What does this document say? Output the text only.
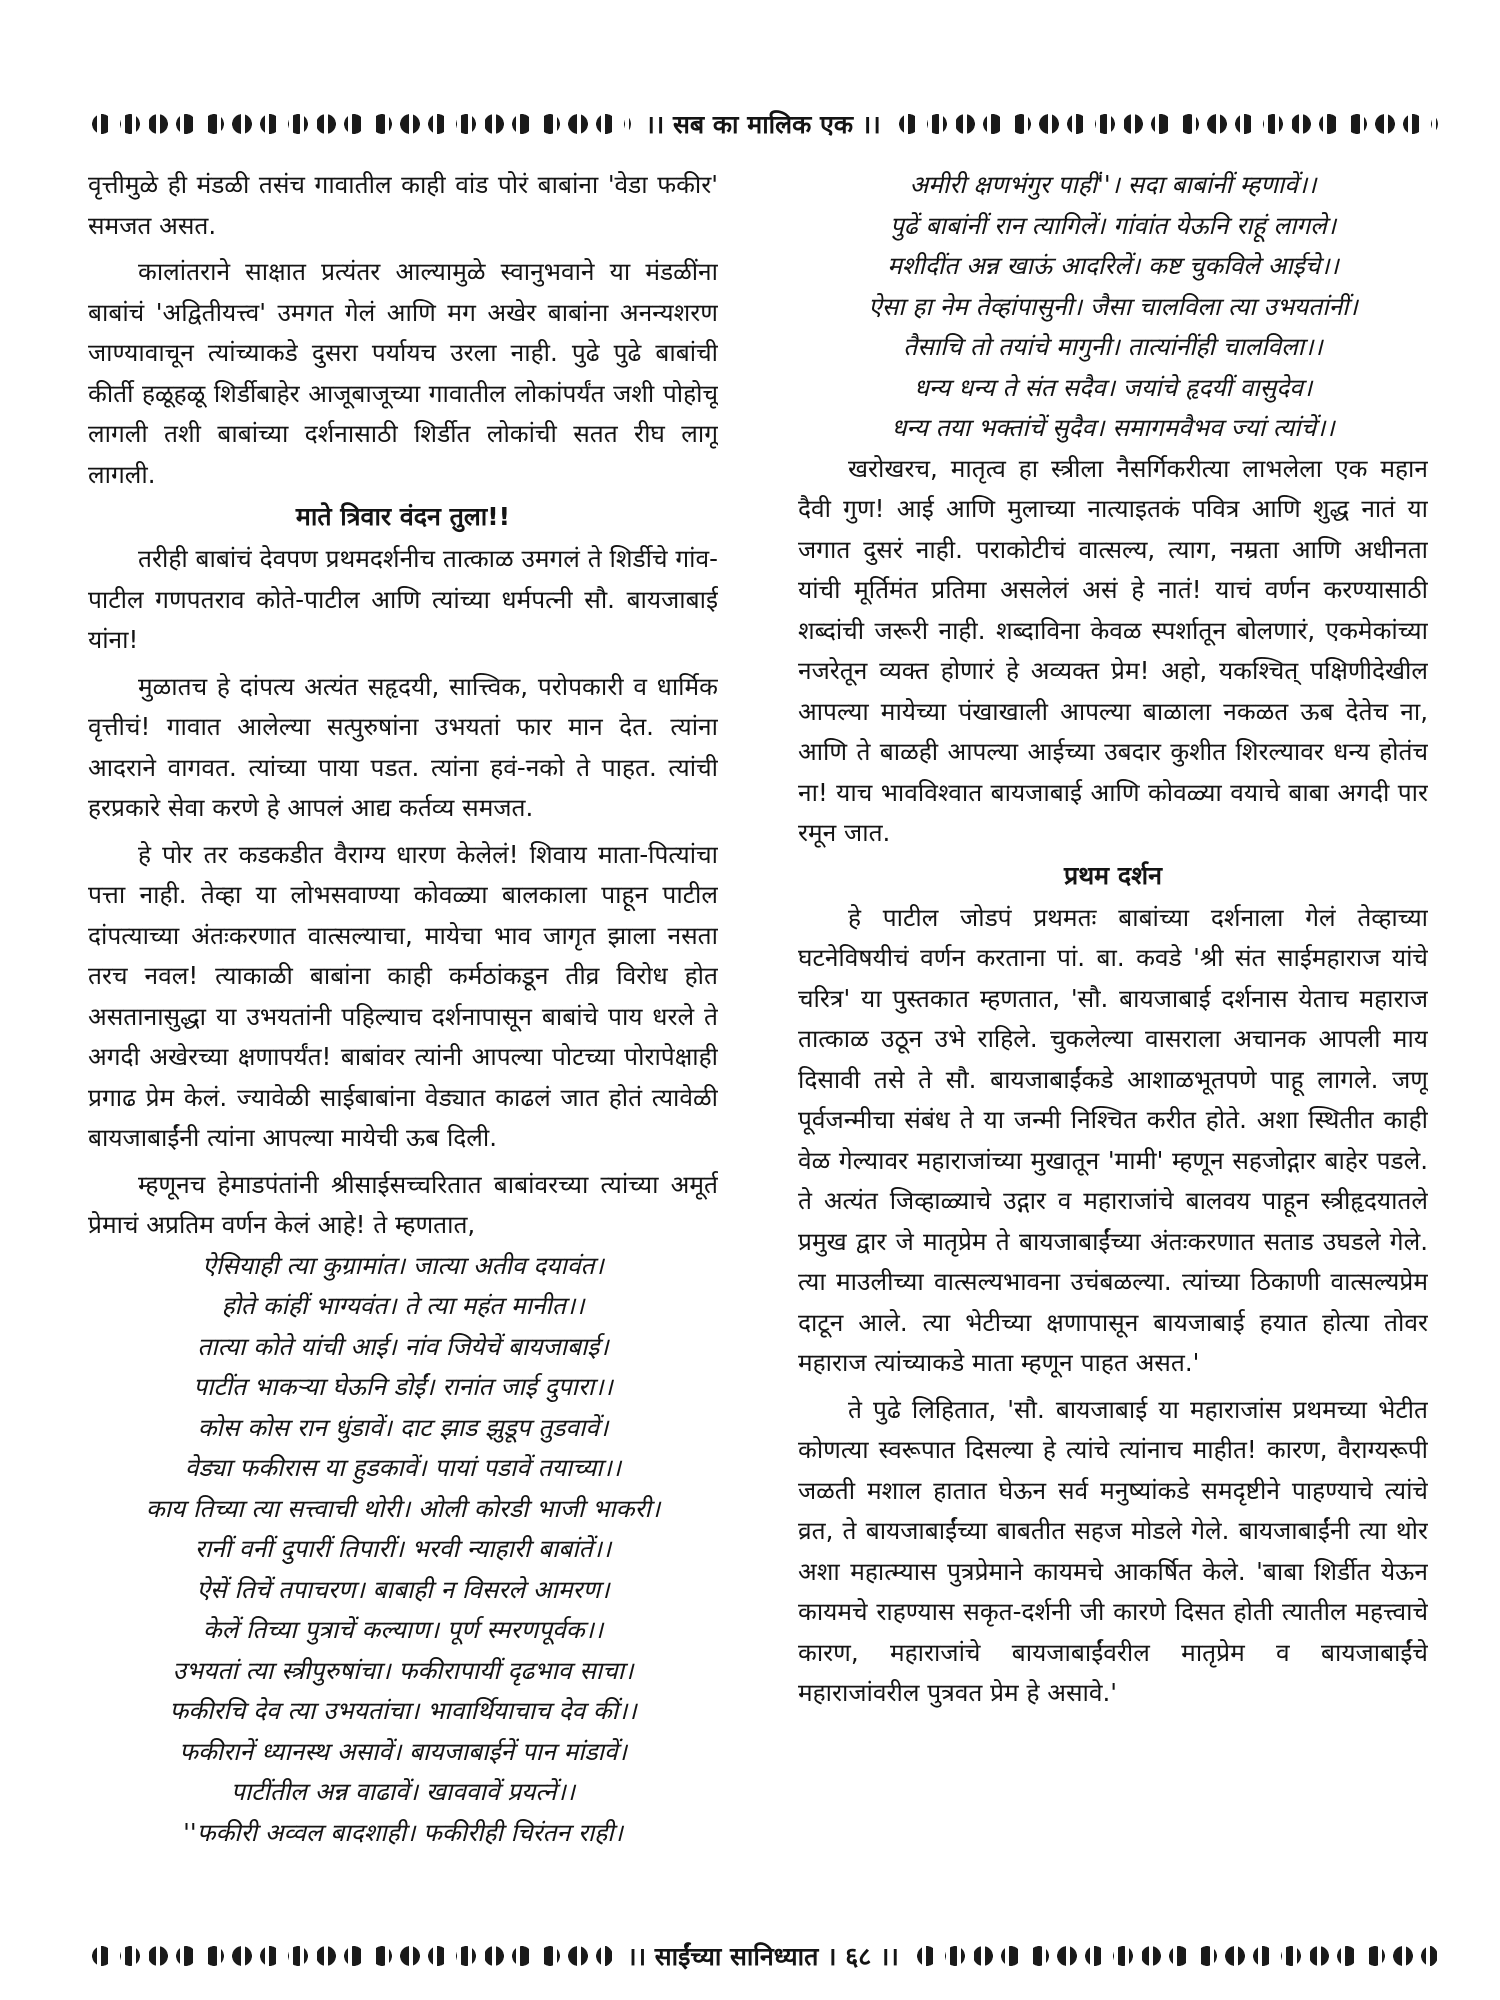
।। सब का मालिक एक ।।

वृत्तीमुळे ही मंडळी तसंच गावातील काही वांड पोरं बाबांना 'वेडा फकीर' समजत असत.

कालांतराने साक्षात प्रत्यंतर आल्यामुळे स्वानुभवाने या मंडळींना बाबांचं 'अद्वितीयत्त्व' उमगत गेलं आणि मग अखेर बाबांना अनन्यशरण जाण्यावाचून त्यांच्याकडे दुसरा पर्यायच उरला नाही. पुढे पुढे बाबांची कीर्ती हळूहळू शिर्डीबाहेर आजूबाजूच्या गावातील लोकांपर्यंत जशी पोहोचू लागली तशी बाबांच्या दर्शनासाठी शिर्डीत लोकांची सतत रीघ लागू लागली.

माते त्रिवार वंदन तुला!!

तरीही बाबांचं देवपण प्रथमदर्शनीच तात्काळ उमगलं ते शिर्डीचे गांव-पाटील गणपतराव कोते-पाटील आणि त्यांच्या धर्मपत्नी सौ. बायजाबाई यांना!

मुळातच हे दांपत्य अत्यंत सहृदयी, सात्त्विक, परोपकारी व धार्मिक वृत्तीचं! गावात आलेल्या सत्पुरुषांना उभयतां फार मान देत. त्यांना आदराने वागवत. त्यांच्या पाया पडत. त्यांना हवं-नको ते पाहत. त्यांची हरप्रकारे सेवा करणे हे आपलं आद्य कर्तव्य समजत.

हे पोर तर कडकडीत वैराग्य धारण केलेलं! शिवाय माता-पित्यांचा पत्ता नाही. तेव्हा या लोभसवाण्या कोवळ्या बालकाला पाहून पाटील दांपत्याच्या अंतःकरणात वात्सल्याचा, मायेचा भाव जागृत झाला नसता तरच नवल! त्याकाळी बाबांना काही कर्मठांकडून तीव्र विरोध होत असतानासुद्धा या उभयतांनी पहिल्याच दर्शनापासून बाबांचे पाय धरले ते अगदी अखेरच्या क्षणापर्यंत! बाबांवर त्यांनी आपल्या पोटच्या पोरापेक्षाही प्रगाढ प्रेम केलं. ज्यावेळी साईबाबांना वेड्यात काढलं जात होतं त्यावेळी बायजाबाईंनी त्यांना आपल्या मायेची ऊब दिली.

म्हणूनच हेमाडपंतांनी श्रीसाईसच्चरितात बाबांवरच्या त्यांच्या अमूर्त प्रेमाचं अप्रतिम वर्णन केलं आहे! ते म्हणतात,

ऐसियाही त्या कुग्रामांत। जात्या अतीव दयावंत।
होते कांहीं भाग्यवंत। ते त्या महंत मानीत।।
तात्या कोते यांची आई। नांव जियेचें बायजाबाई।
पाटींत भाकऱ्या घेऊनि डोईं। रानांत जाई दुपारा।।
कोस कोस रान धुंडावें। दाट झाड झुडूप तुडवावें।
वेड्या फकीरास या हुडकावें। पायां पडावें तयाच्या।।
काय तिच्या त्या सत्त्वाची थोरी। ओली कोरडी भाजी भाकरी।
रानीं वनीं दुपारीं तिपारीं। भरवी न्याहारी बाबांतें।।
ऐसें तिचें तपाचरण। बाबाही न विसरले आमरण।
केलें तिच्या पुत्राचें कल्याण। पूर्ण स्मरणपूर्वक।।
उभयतां त्या स्त्रीपुरुषांचा। फकीरापायीं दृढभाव साचा।
फकीरचि देव त्या उभयतांचा। भावार्थियाचाच देव कीं।।
फकीरानें ध्यानस्थ असावें। बायजाबाईनें पान मांडावें।
पाटींतील अन्न वाढावें। खाववावें प्रयत्नें।।
''फकीरी अव्वल बादशाही। फकीरीही चिरंतन राही।
अमीरी क्षणभंगुर पाहीं''। सदा बाबांनीं म्हणावें।।
पुढें बाबांनीं रान त्यागिलें। गांवांत येऊनि राहूं लागले।
मशीदींत अन्न खाऊं आदरिलें। कष्ट चुकविले आईचे।।
ऐसा हा नेम तेव्हांपासुनी। जैसा चालविला त्या उभयतांनीं।
तैसाचि तो तयांचे मागुनी। तात्यांनींही चालविला।।
धन्य धन्य ते संत सदैव। जयांचे हृदयीं वासुदेव।
धन्य तया भक्तांचें सुदैव। समागमवैभव ज्यां त्यांचें।।

खरोखरच, मातृत्व हा स्त्रीला नैसर्गिकरीत्या लाभलेला एक महान दैवी गुण! आई आणि मुलाच्या नात्याइतकं पवित्र आणि शुद्ध नातं या जगात दुसरं नाही. पराकोटीचं वात्सल्य, त्याग, नम्रता आणि अधीनता यांची मूर्तिमंत प्रतिमा असलेलं असं हे नातं! याचं वर्णन करण्यासाठी शब्दांची जरूरी नाही. शब्दाविना केवळ स्पर्शातून बोलणारं, एकमेकांच्या नजरेतून व्यक्त होणारं हे अव्यक्त प्रेम! अहो, यकश्चित् पक्षिणीदेखील आपल्या मायेच्या पंखाखाली आपल्या बाळाला नकळत ऊब देतेच ना, आणि ते बाळही आपल्या आईच्या उबदार कुशीत शिरल्यावर धन्य होतंच ना! याच भावविश्वात बायजाबाई आणि कोवळ्या वयाचे बाबा अगदी पार रमून जात.

प्रथम दर्शन

हे पाटील जोडपं प्रथमतः बाबांच्या दर्शनाला गेलं तेव्हाच्या घटनेविषयीचं वर्णन करताना पां. बा. कवडे 'श्री संत साईमहाराज यांचे चरित्र' या पुस्तकात म्हणतात, 'सौ. बायजाबाई दर्शनास येताच महाराज तात्काळ उठून उभे राहिले. चुकलेल्या वासराला अचानक आपली माय दिसावी तसे ते सौ. बायजाबाईंकडे आशाळभूतपणे पाहू लागले. जणू पूर्वजन्मीचा संबंध ते या जन्मी निश्चित करीत होते. अशा स्थितीत काही वेळ गेल्यावर महाराजांच्या मुखातून 'मामी' म्हणून सहजोद्गार बाहेर पडले. ते अत्यंत जिव्हाळ्याचे उद्गार व महाराजांचे बालवय पाहून स्त्रीहृदयातले प्रमुख द्वार जे मातृप्रेम ते बायजाबाईंच्या अंतःकरणात सताड उघडले गेले. त्या माउलीच्या वात्सल्यभावना उचंबळल्या. त्यांच्या ठिकाणी वात्सल्यप्रेम दाटून आले. त्या भेटीच्या क्षणापासून बायजाबाई हयात होत्या तोवर महाराज त्यांच्याकडे माता म्हणून पाहत असत.'

ते पुढे लिहितात, 'सौ. बायजाबाई या महाराजांस प्रथमच्या भेटीत कोणत्या स्वरूपात दिसल्या हे त्यांचे त्यांनाच माहीत! कारण, वैराग्यरूपी जळती मशाल हातात घेऊन सर्व मनुष्यांकडे समदृष्टीने पाहण्याचे त्यांचे व्रत, ते बायजाबाईंच्या बाबतीत सहज मोडले गेले. बायजाबाईंनी त्या थोर अशा महात्म्यास पुत्रप्रेमाने कायमचे आकर्षित केले. 'बाबा शिर्डीत येऊन कायमचे राहण्यास सकृत-दर्शनी जी कारणे दिसत होती त्यातील महत्त्वाचे कारण, महाराजांचे बायजाबाईंवरील मातृप्रेम व बायजाबाईंचे महाराजांवरील पुत्रवत प्रेम हे असावे.'

।। साईंच्या सानिध्यात । ६८ ।।
